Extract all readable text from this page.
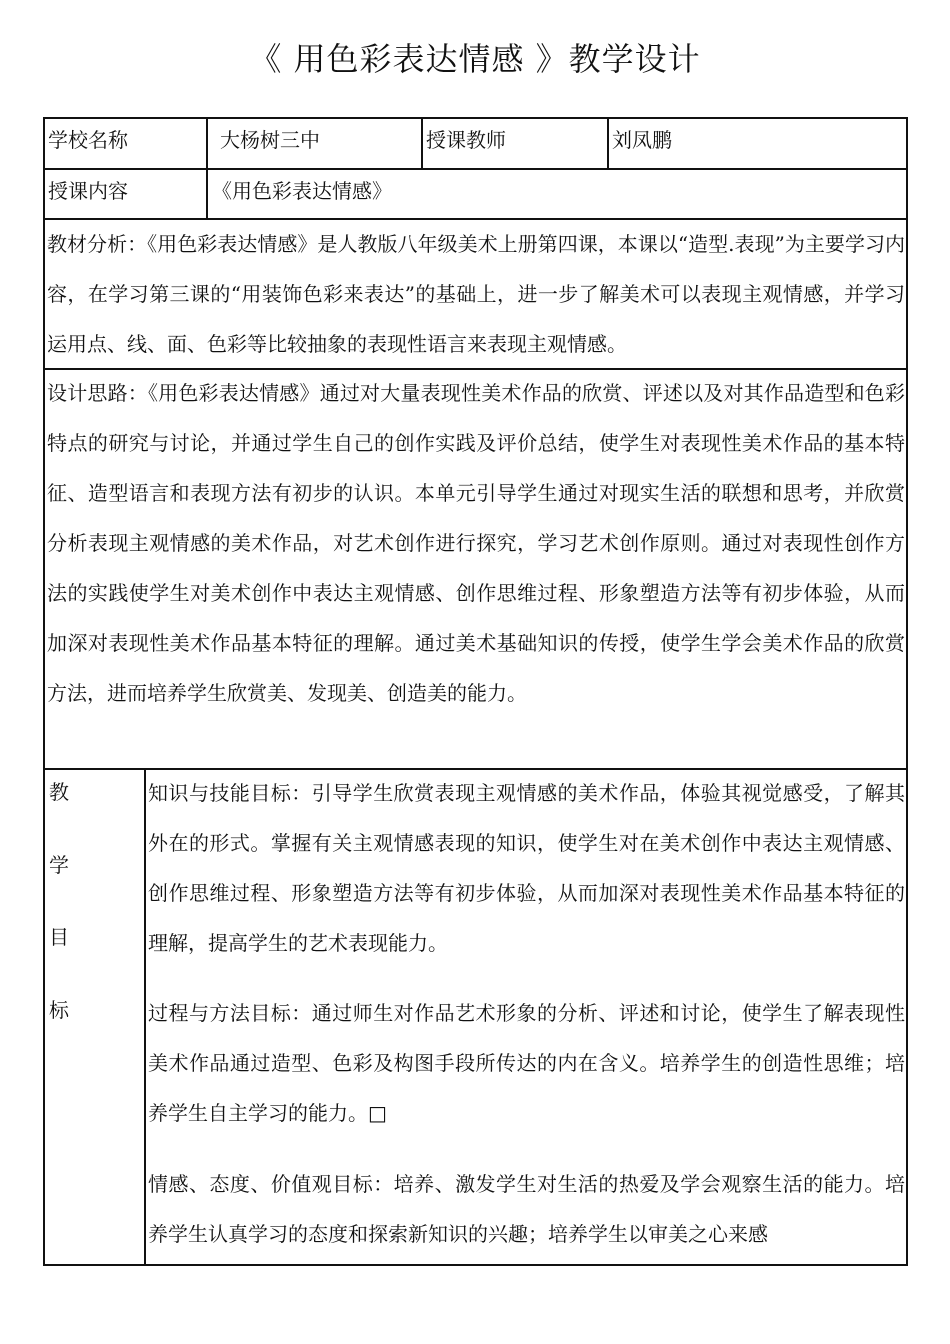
《 用色彩表达情感 》教学设计
学校名称	大杨树三中	授课教师	刘凤鹏
授课内容	《用色彩表达情感》

教材分析：《用色彩表达情感》是人教版八年级美术上册第四课，本课以“造型.表现”为主要学习内容，在学习第三课的“用装饰色彩来表达”的基础上，进一步了解美术可以表现主观情感，并学习运用点、线、面、色彩等比较抽象的表现性语言来表现主观情感。

设计思路：《用色彩表达情感》通过对大量表现性美术作品的欣赏、评述以及对其作品造型和色彩特点的研究与讨论，并通过学生自己的创作实践及评价总结，使学生对表现性美术作品的基本特征、造型语言和表现方法有初步的认识。本单元引导学生通过对现实生活的联想和思考，并欣赏分析表现主观情感的美术作品，对艺术创作进行探究，学习艺术创作原则。通过对表现性创作方法的实践使学生对美术创作中表达主观情感、创作思维过程、形象塑造方法等有初步体验，从而加深对表现性美术作品基本特征的理解。通过美术基础知识的传授，使学生学会美术作品的欣赏方法，进而培养学生欣赏美、发现美、创造美的能力。

教
学
目
标

知识与技能目标：引导学生欣赏表现主观情感的美术作品，体验其视觉感受，了解其外在的形式。掌握有关主观情感表现的知识，使学生对在美术创作中表达主观情感、创作思维过程、形象塑造方法等有初步体验，从而加深对表现性美术作品基本特征的理解，提高学生的艺术表现能力。

过程与方法目标：通过师生对作品艺术形象的分析、评述和讨论，使学生了解表现性美术作品通过造型、色彩及构图手段所传达的内在含义。培养学生的创造性思维；培养学生自主学习的能力。□

情感、态度、价值观目标：培养、激发学生对生活的热爱及学会观察生活的能力。培养学生认真学习的态度和探索新知识的兴趣；培养学生以审美之心来感
